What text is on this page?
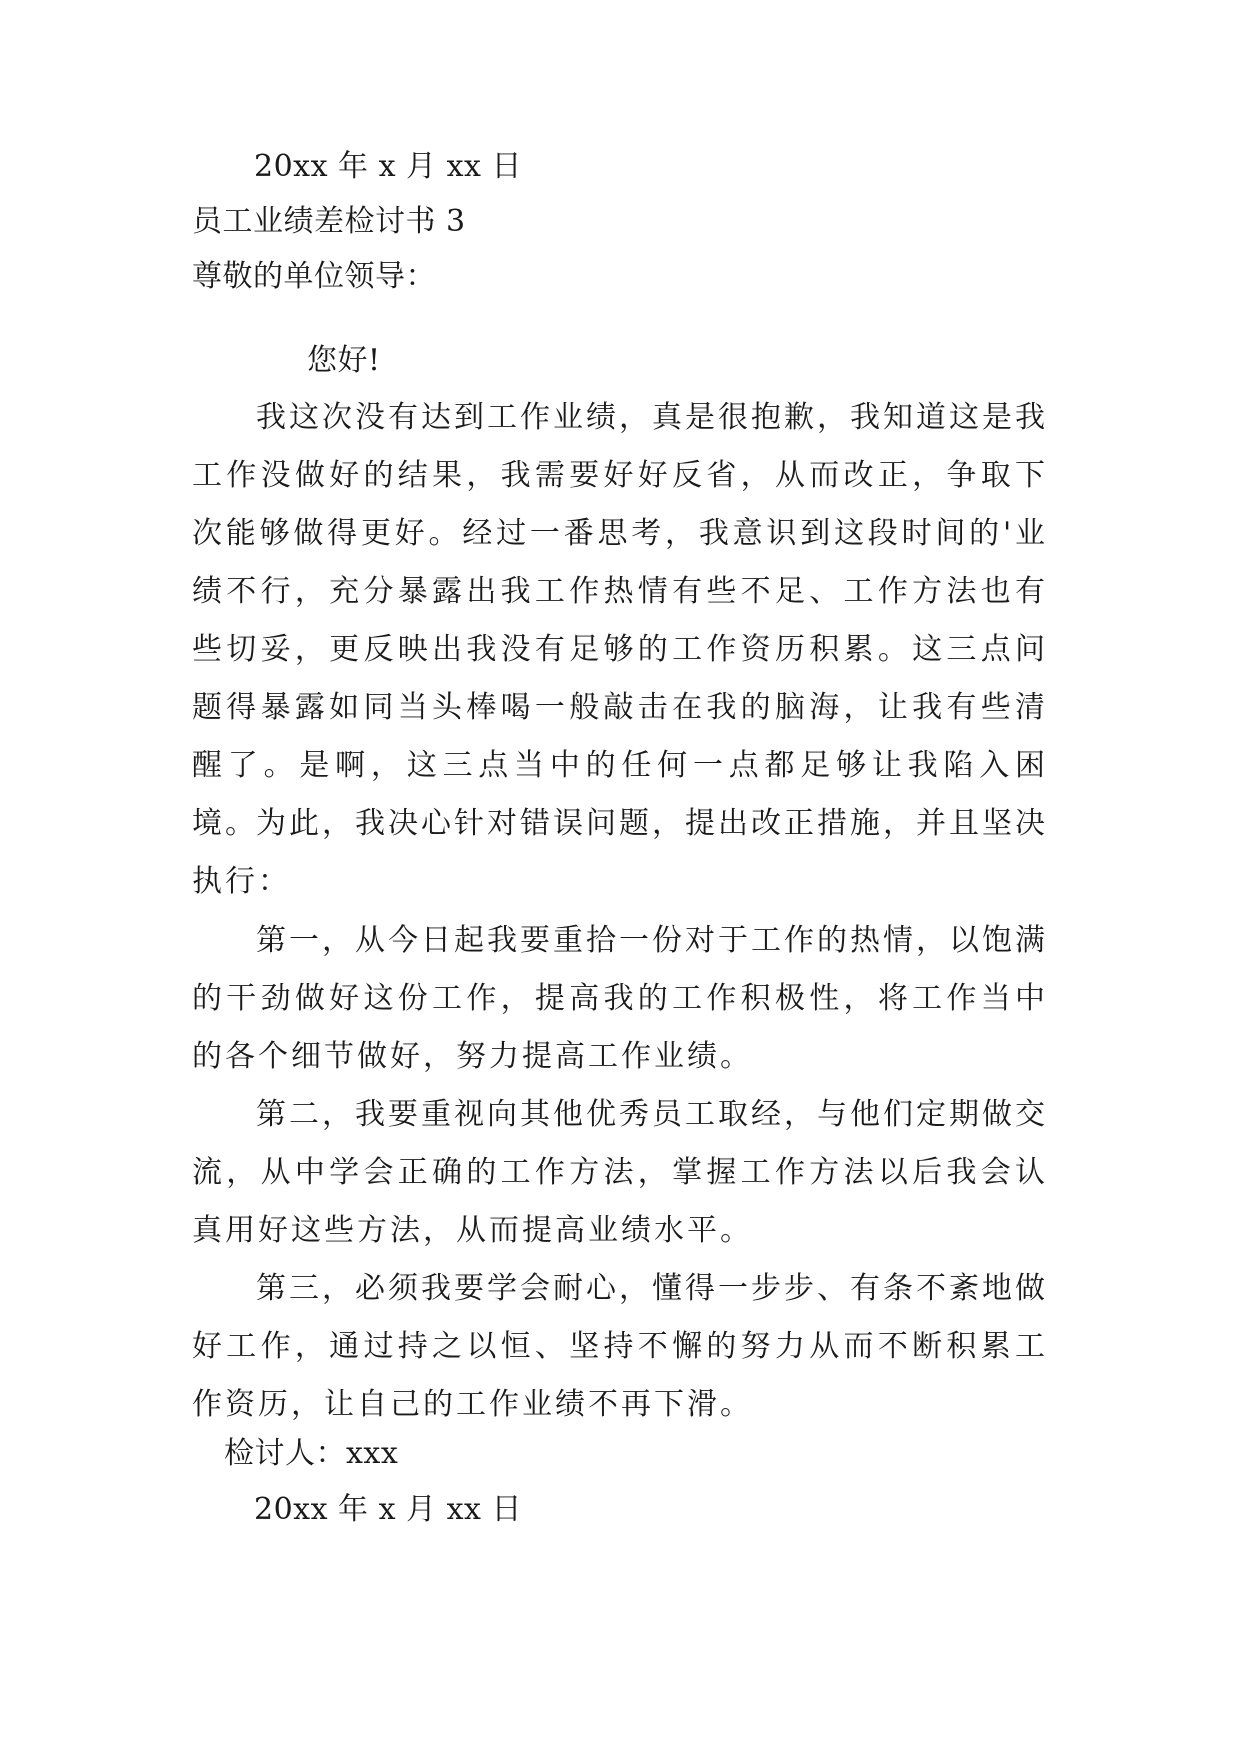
20xx 年 x 月 xx 日
员工业绩差检讨书 3
尊敬的单位领导：
您好!
我这次没有达到工作业绩，真是很抱歉，我知道这是我工作没做好的结果，我需要好好反省，从而改正，争取下次能够做得更好。经过一番思考，我意识到这段时间的'业绩不行，充分暴露出我工作热情有些不足、工作方法也有些切妥，更反映出我没有足够的工作资历积累。这三点问题得暴露如同当头棒喝一般敲击在我的脑海，让我有些清醒了。是啊，这三点当中的任何一点都足够让我陷入困境。
为此，我决心针对错误问题，提出改正措施，并且坚决执行：
第一，从今日起我要重拾一份对于工作的热情，以饱满的干劲做好这份工作，提高我的工作积极性，将工作当中的各个细节做好，努力提高工作业绩。
第二，我要重视向其他优秀员工取经，与他们定期做交流，从中学会正确的工作方法，掌握工作方法以后我会认真用好这些方法，从而提高业绩水平。
第三，必须我要学会耐心，懂得一步步、有条不紊地做好工作，通过持之以恒、坚持不懈的努力从而不断积累工作资历，让自己的工作业绩不再下滑。
检讨人：xxx
20xx 年 x 月 xx 日
